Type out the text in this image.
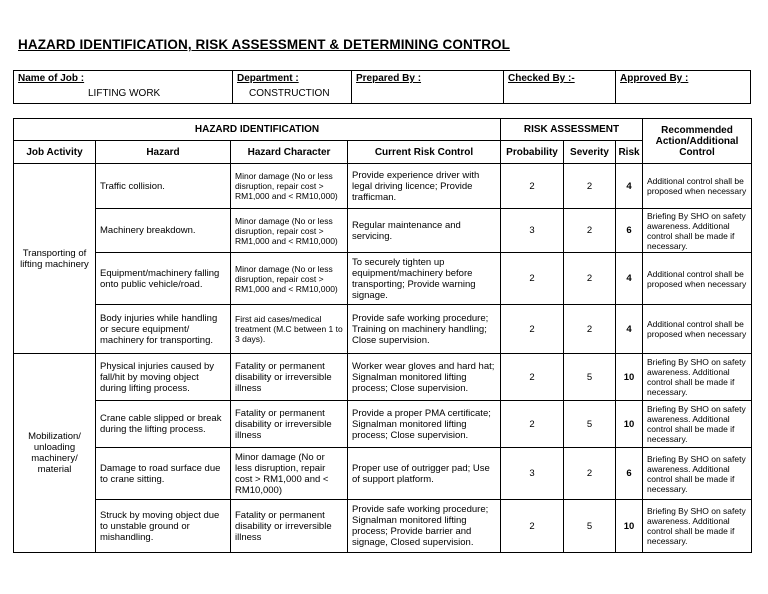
HAZARD IDENTIFICATION, RISK ASSESSMENT & DETERMINING CONTROL
Name of Job :
LIFTING WORK

Department :
CONSTRUCTION

Prepared By :	Checked By :-	Approved By :
HAZARD IDENTIFICATION				RISK ASSESSMENT			Recommended Action/Additional Control
Job Activity	Hazard	Hazard Character	Current Risk Control	Probability	Severity	Risk	
Transporting of lifting machinery	Traffic collision.	Minor damage (No or less disruption, repair cost > RM1,000 and < RM10,000)	Provide experience driver with legal driving licence; Provide trafficman.	2	2	4	Additional control shall be proposed when necessary
	Machinery breakdown.	Minor damage (No or less disruption, repair cost > RM1,000 and < RM10,000)	Regular maintenance and servicing.	3	2	6	Briefing By SHO on safety awareness. Additional control shall be made if necessary.
	Equipment/machinery falling onto public vehicle/road.	Minor damage (No or less disruption, repair cost > RM1,000 and < RM10,000)	To securely tighten up equipment/machinery before transporting; Provide warning signage.	2	2	4	Additional control shall be proposed when necessary
	Body injuries while handling or secure equipment/ machinery for transporting.	First aid cases/medical treatment (M.C between 1 to 3 days).	Provide safe working procedure; Training on machinery handling; Close supervision.	2	2	4	Additional control shall be proposed when necessary
Mobilization/ unloading machinery/ material	Physical injuries caused by fall/hit by moving object during lifting process.	Fatality or permanent disability or irreversible illness	Worker wear gloves and hard hat; Signalman monitored lifting process; Close supervision.	2	5	10	Briefing By SHO on safety awareness. Additional control shall be made if necessary.
	Crane cable slipped or break during the lifting process.	Fatality or permanent disability or irreversible illness	Provide a proper PMA certificate; Signalman monitored lifting process; Close supervision.	2	5	10	Briefing By SHO on safety awareness. Additional control shall be made if necessary.
	Damage to road surface due to crane sitting.	Minor damage (No or less disruption, repair cost > RM1,000 and < RM10,000)	Proper use of outrigger pad; Use of support platform.	3	2	6	Briefing By SHO on safety awareness. Additional control shall be made if necessary.
	Struck by moving object due to unstable ground or mishandling.	Fatality or permanent disability or irreversible illness	Provide safe working procedure; Signalman monitored lifting process; Provide barrier and signage, Closed supervision.	2	5	10	Briefing By SHO on safety awareness. Additional control shall be made if necessary.
